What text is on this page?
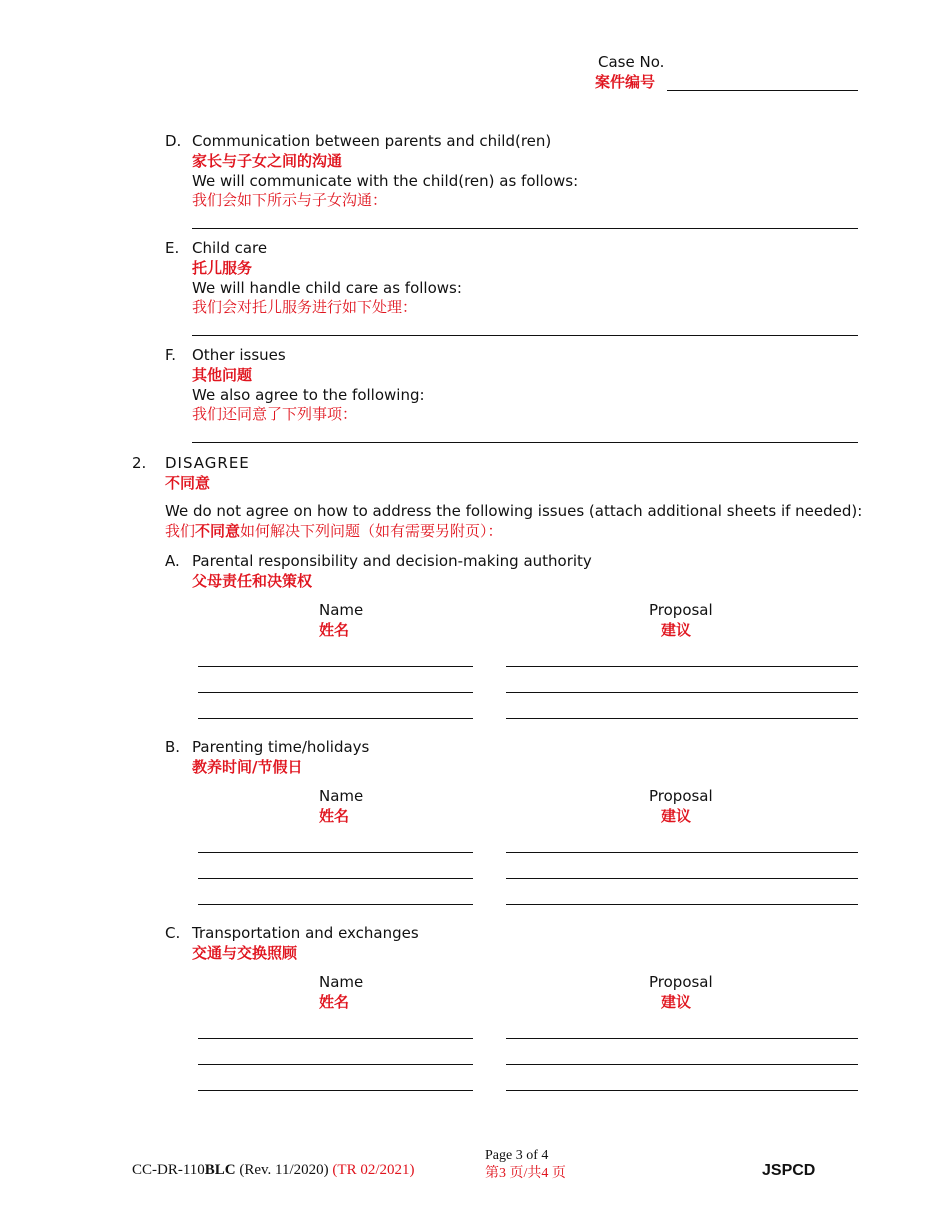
Case No.
案件编号
D. Communication between parents and child(ren)
家长与子女之间的沟通
We will communicate with the child(ren) as follows:
我们会如下所示与子女沟通：
E. Child care
托儿服务
We will handle child care as follows:
我们会对托儿服务进行如下处理：
F. Other issues
其他问题
We also agree to the following:
我们还同意了下列事项：
2. DISAGREE
不同意
We do not agree on how to address the following issues (attach additional sheets if needed):
我们不同意如何解决下列问题（如有需要另附页）：
A. Parental responsibility and decision-making authority
父母责任和决策权
Name
姓名
Proposal
建议
B. Parenting time/holidays
教养时间/节假日
Name
姓名
Proposal
建议
C. Transportation and exchanges
交通与交换照顾
Name
姓名
Proposal
建议
CC-DR-110BLC (Rev. 11/2020) (TR 02/2021)
Page 3 of 4
第3 页/共4 页	JSPCD
